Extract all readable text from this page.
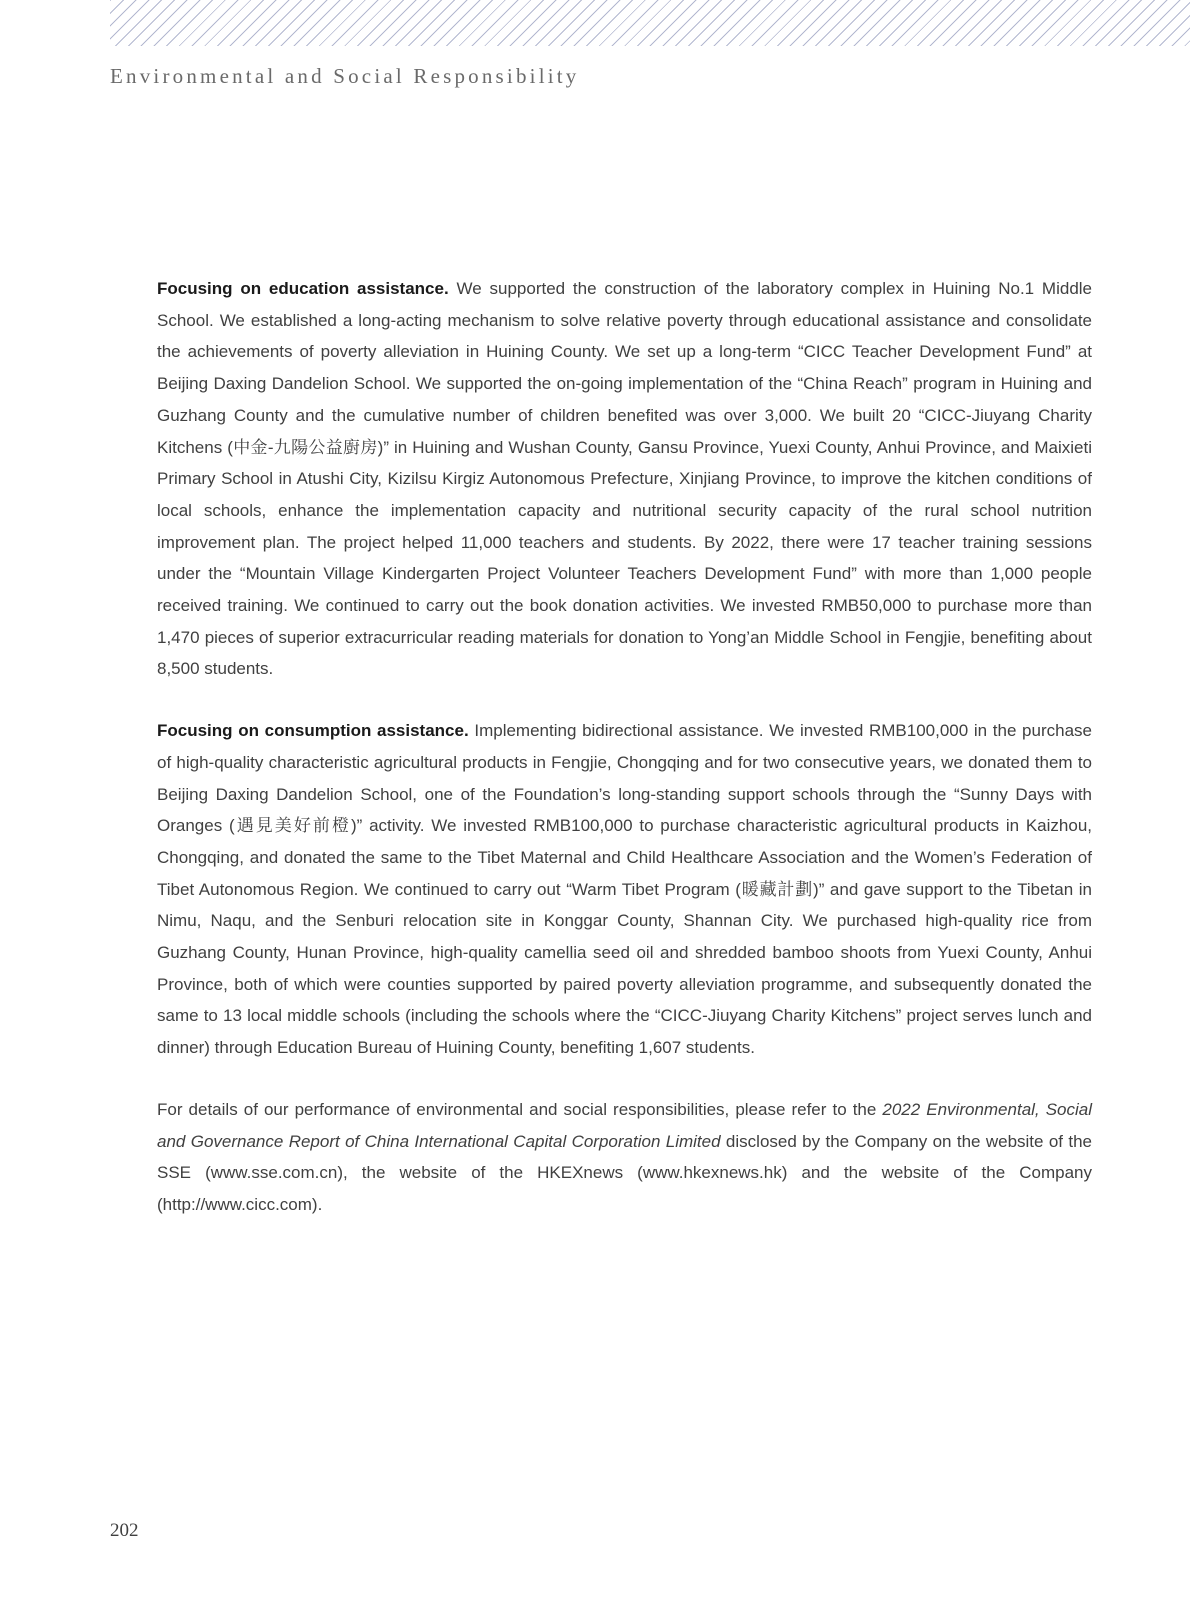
Environmental and Social Responsibility

Focusing on education assistance. We supported the construction of the laboratory complex in Huining No.1 Middle School. We established a long-acting mechanism to solve relative poverty through educational assistance and consolidate the achievements of poverty alleviation in Huining County. We set up a long-term “CICC Teacher Development Fund” at Beijing Daxing Dandelion School. We supported the on-going implementation of the “China Reach” program in Huining and Guzhang County and the cumulative number of children benefited was over 3,000. We built 20 “CICC-Jiuyang Charity Kitchens (中金-九陽公益廚房)” in Huining and Wushan County, Gansu Province, Yuexi County, Anhui Province, and Maixieti Primary School in Atushi City, Kizilsu Kirgiz Autonomous Prefecture, Xinjiang Province, to improve the kitchen conditions of local schools, enhance the implementation capacity and nutritional security capacity of the rural school nutrition improvement plan. The project helped 11,000 teachers and students. By 2022, there were 17 teacher training sessions under the “Mountain Village Kindergarten Project Volunteer Teachers Development Fund” with more than 1,000 people received training. We continued to carry out the book donation activities. We invested RMB50,000 to purchase more than 1,470 pieces of superior extracurricular reading materials for donation to Yong’an Middle School in Fengjie, benefiting about 8,500 students.

Focusing on consumption assistance. Implementing bidirectional assistance. We invested RMB100,000 in the purchase of high-quality characteristic agricultural products in Fengjie, Chongqing and for two consecutive years, we donated them to Beijing Daxing Dandelion School, one of the Foundation’s long-standing support schools through the “Sunny Days with Oranges (遇見美好前橙)” activity. We invested RMB100,000 to purchase characteristic agricultural products in Kaizhou, Chongqing, and donated the same to the Tibet Maternal and Child Healthcare Association and the Women’s Federation of Tibet Autonomous Region. We continued to carry out “Warm Tibet Program (暖藏計劃)” and gave support to the Tibetan in Nimu, Naqu, and the Senburi relocation site in Konggar County, Shannan City. We purchased high-quality rice from Guzhang County, Hunan Province, high-quality camellia seed oil and shredded bamboo shoots from Yuexi County, Anhui Province, both of which were counties supported by paired poverty alleviation programme, and subsequently donated the same to 13 local middle schools (including the schools where the “CICC-Jiuyang Charity Kitchens” project serves lunch and dinner) through Education Bureau of Huining County, benefiting 1,607 students.

For details of our performance of environmental and social responsibilities, please refer to the 2022 Environmental, Social and Governance Report of China International Capital Corporation Limited disclosed by the Company on the website of the SSE (www.sse.com.cn), the website of the HKEXnews (www.hkexnews.hk) and the website of the Company (http://www.cicc.com).

202
